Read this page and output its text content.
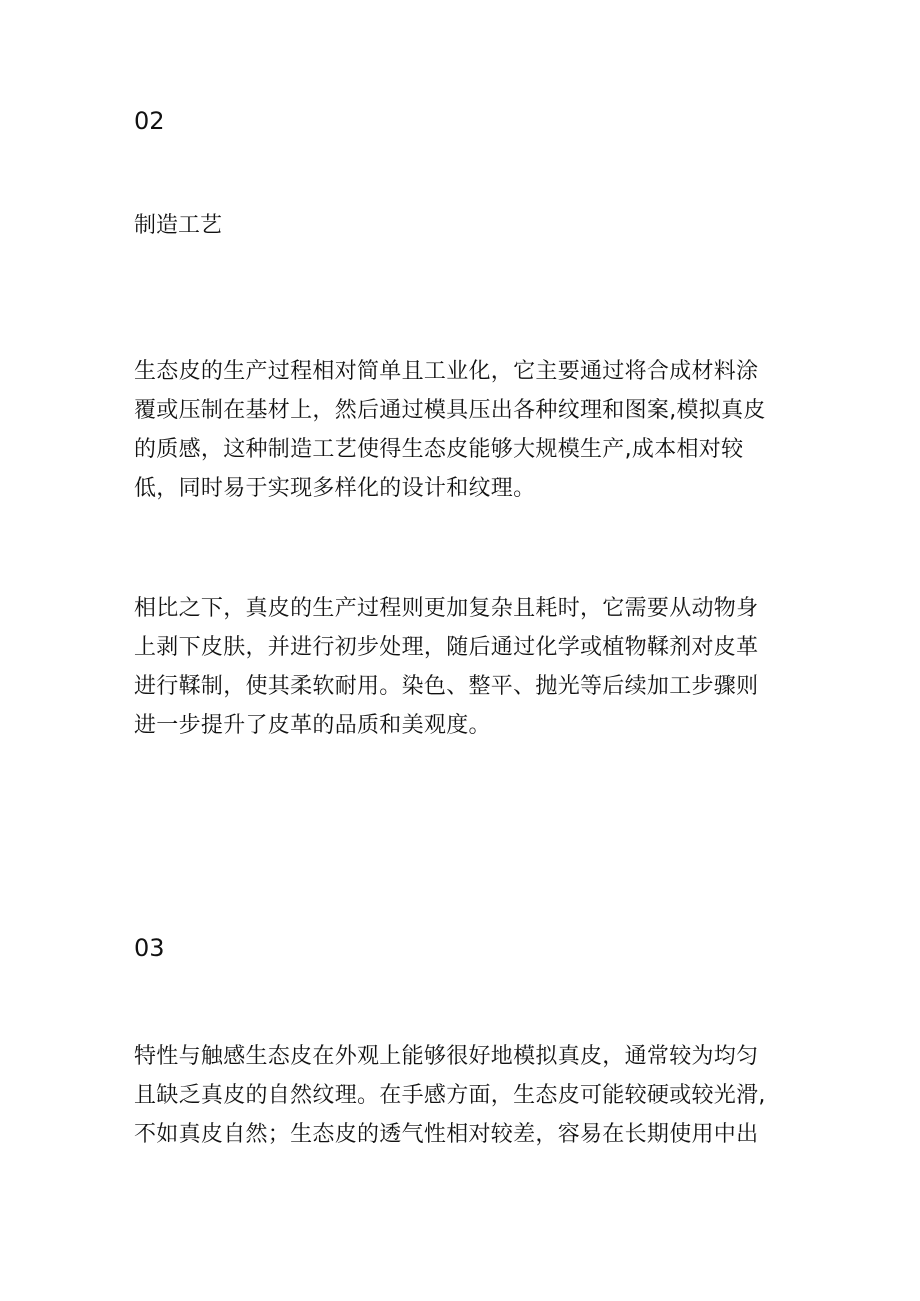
02
制造工艺
生态皮的生产过程相对简单且工业化，它主要通过将合成材料涂
覆或压制在基材上，然后通过模具压出各种纹理和图案,模拟真皮
的质感，这种制造工艺使得生态皮能够大规模生产,成本相对较
低，同时易于实现多样化的设计和纹理。
相比之下，真皮的生产过程则更加复杂且耗时，它需要从动物身
上剥下皮肤，并进行初步处理，随后通过化学或植物鞣剂对皮革
进行鞣制，使其柔软耐用。染色、整平、抛光等后续加工步骤则
进一步提升了皮革的品质和美观度。
03
特性与触感生态皮在外观上能够很好地模拟真皮，通常较为均匀
且缺乏真皮的自然纹理。在手感方面，生态皮可能较硬或较光滑,
不如真皮自然；生态皮的透气性相对较差，容易在长期使用中出
